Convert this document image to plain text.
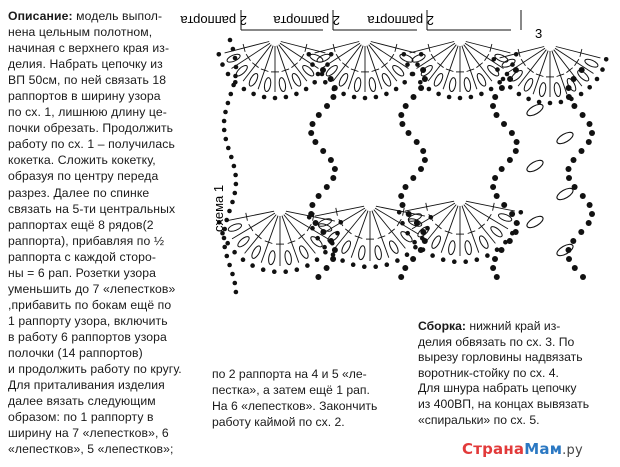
Описание: модель выпол-
нена цельным полотном,
начиная с верхнего края из-
делия. Набрать цепочку из
ВП 50см, по ней связать 18
раппортов в ширину узора
по сх. 1, лишнюю длину це-
почки обрезать. Продолжить
работу по сх. 1 – получилась
кокетка. Сложить кокетку,
образуя по центру переда
разрез. Далее по спинке
связать на 5-ти центральных
раппортах ещё 8 рядов(2
раппорта), прибавляя по ½
раппорта с каждой сторо-
ны = 6 рап. Розетки узора
уменьшить до 7 «лепестков»
,прибавить по бокам ещё по
1 раппорту узора, включить
в работу 6 раппортов узора
полочки (14 раппортов)
и продолжить работу по кругу.
Для приталивания изделия
далее вязать следующим
образом: по 1 раппорту в
ширину на 7 «лепестков», 6
«лепестков», 5 «лепестков»;
по 2 раппорта на 4 и 5 «ле-
пестка», а затем ещё 1 рап.
На 6 «лепестков». Закончить
работу каймой по сх. 2.
2 раппорта 2 раппорта 2 раппорта
3
схема 1
Сборка: нижний край из-
делия обвязать по сх. 3. По
вырезу горловины надвязать
воротник-стойку по сх. 4.
Для шнура набрать цепочку
из 400ВП, на концах вывязать
«спиральки» по сх. 5.
СтранаМам.ру
